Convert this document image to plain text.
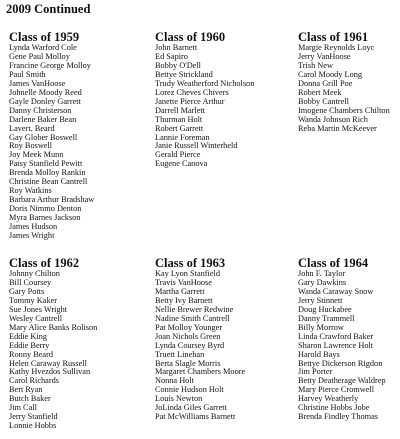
2009 Continued
Class of 1959
Lynda Warford Cole
Gene Paul Molloy
Francine George Molloy
Paul Smith
James VanHoose
Johnelle Moody Reed
Gayle Donley Garrett
Danny Christerson
Darlene Baker Bean
Lavert. Beard
Gay Glober Boswell
Roy Boswell
Joy Meek Munn
Patsy Stanfield Pewitt
Brenda Molloy Rankin
Christine Bean Cantrell
Roy Watkins
Barbara Arthur Bradshaw
Doris Nimmo Denton
Myra Barnes Jackson
James Hudson
James Wright
Class of 1960
John Barnett
Ed Sapiro
Bobby O'Dell
Bettye Strickland
Trudy Weatherford Nicholson
Lorez Cheves Chivers
Janette Pierce Arthur
Darrell Marlett
Thurman Holt
Robert Garrett
Lannie Foreman
Janie Russell Winterheld
Gerald Pierce
Eugene Canova
Class of 1961
Margie Reynolds Loyc
Jerry VanHoose
Trish New
Carol Moody Long
Donna Grill Poe
Robert Meek
Bobby Cantrell
Imogene Chambers Chilton
Wanda Johnson Rich
Reba Martin McKeever
Class of 1962
Johnny Chilton
Bill Coursey
Gary Potts
Tommy Kaker
Sue Jones Wright
Wesley Cantrell
Mary Alice Banks Rolison
Eddie King
Eddie Berry
Ronny Beard
Helen Caraway Russell
Kathy Hvezdos Sullivan
Carol Richards
Bert Ryan
Butch Baker
Jim Call
Jerry Stanfield
Lonnie Hobbs
Class of 1963
Kay Lyon Stanfield
Travis VanHoose
Martha Garrett
Betty Ivy Barnett
Nellie Brewer Redwine
Nadine Smith Cantrell
Pat Molloy Younger
Joan Nichols Green
Lynda Coursey Byrd
Truett Linehan
Berta Slagle Morris
Margaret Chambers Moore
Nonna Holt
Connie Hudson Holt
Louis Newton
JoLinda Giles Garrett
Pat McWilliams Barnett
Class of 1964
John F. Taylor
Gary Dawkins
Wanda Caraway Snow
Jerry Stinnett
Doug Huckabee
Danny Trammell
Billy Morrow
Linda Crawford Baker
Sharon Lawrence Holt
Harold Bays
Bettye Dickerson Rigdon
Jim Porter
Betty Deatherage Waldrep
Mary Pierce Cromwell
Harvey Weatherly
Christine Hobbs Jobe
Brenda Findley Thomas
